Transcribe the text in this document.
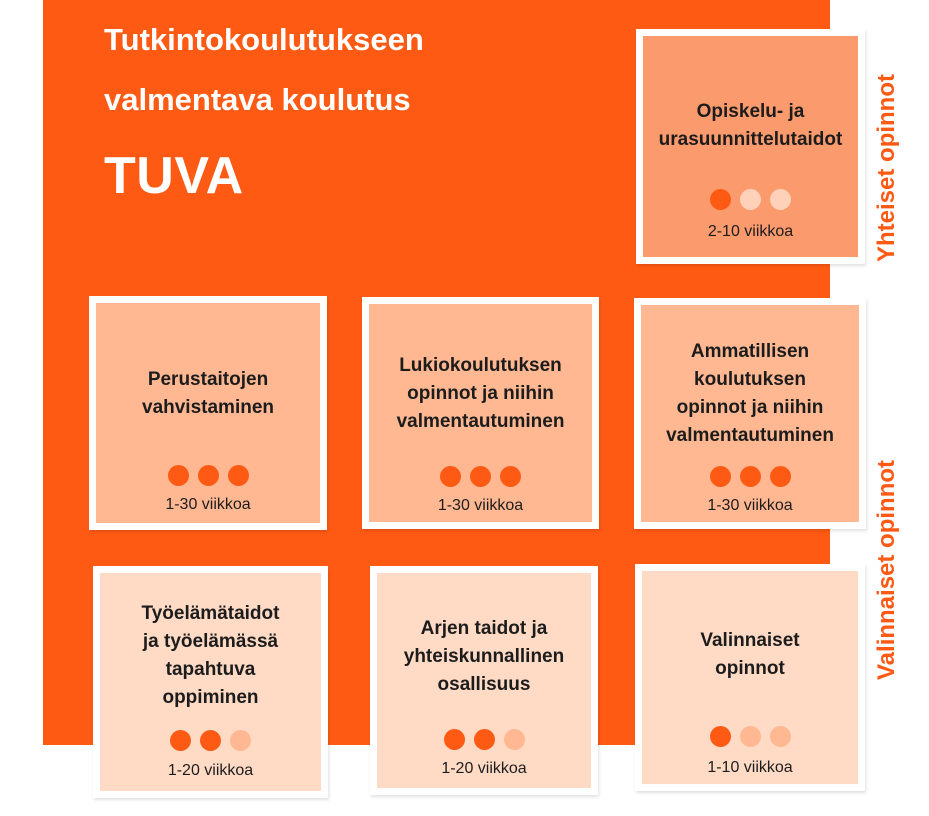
Tutkintokoulutukseen
valmentava koulutus
TUVA
Opiskelu- ja
urasuunnittelutaidot
2-10 viikkoa
Perustaitojen
vahvistaminen
1-30 viikkoa
Lukiokoulutuksen
opinnot ja niihin
valmentautuminen
1-30 viikkoa
Ammatillisen
koulutuksen
opinnot ja niihin
valmentautuminen
1-30 viikkoa
Työelämätaidot
ja työelämässä
tapahtuva
oppiminen
1-20 viikkoa
Arjen taidot ja
yhteiskunnallinen
osallisuus
1-20 viikkoa
Valinnaiset
opinnot
1-10 viikkoa
Yhteiset opinnot
Valinnaiset opinnot
